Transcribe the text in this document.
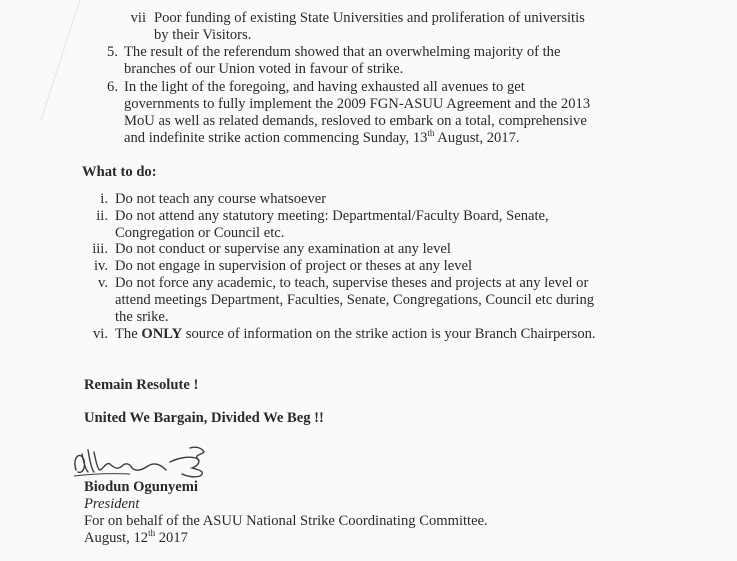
vii Poor funding of existing State Universities and proliferation of universitis
by their Visitors.
5. The result of the referendum showed that an overwhelming majority of the
branches of our Union voted in favour of strike.
6. In the light of the foregoing, and having exhausted all avenues to get
governments to fully implement the 2009 FGN-ASUU Agreement and the 2013
MoU as well as related demands, resloved to embark on a total, comprehensive
and indefinite strike action commencing Sunday, 13th August, 2017.
What to do:
i. Do not teach any course whatsoever
ii. Do not attend any statutory meeting: Departmental/Faculty Board, Senate,
Congregation or Council etc.
iii. Do not conduct or supervise any examination at any level
iv. Do not engage in supervision of project or theses at any level
v. Do not force any academic, to teach, supervise theses and projects at any level or
attend meetings Department, Faculties, Senate, Congregations, Council etc during
the srike.
vi. The ONLY source of information on the strike action is your Branch Chairperson.
Remain Resolute !
United We Bargain, Divided We Beg !!
Biodun Ogunyemi
President
For on behalf of the ASUU National Strike Coordinating Committee.
August, 12th 2017
